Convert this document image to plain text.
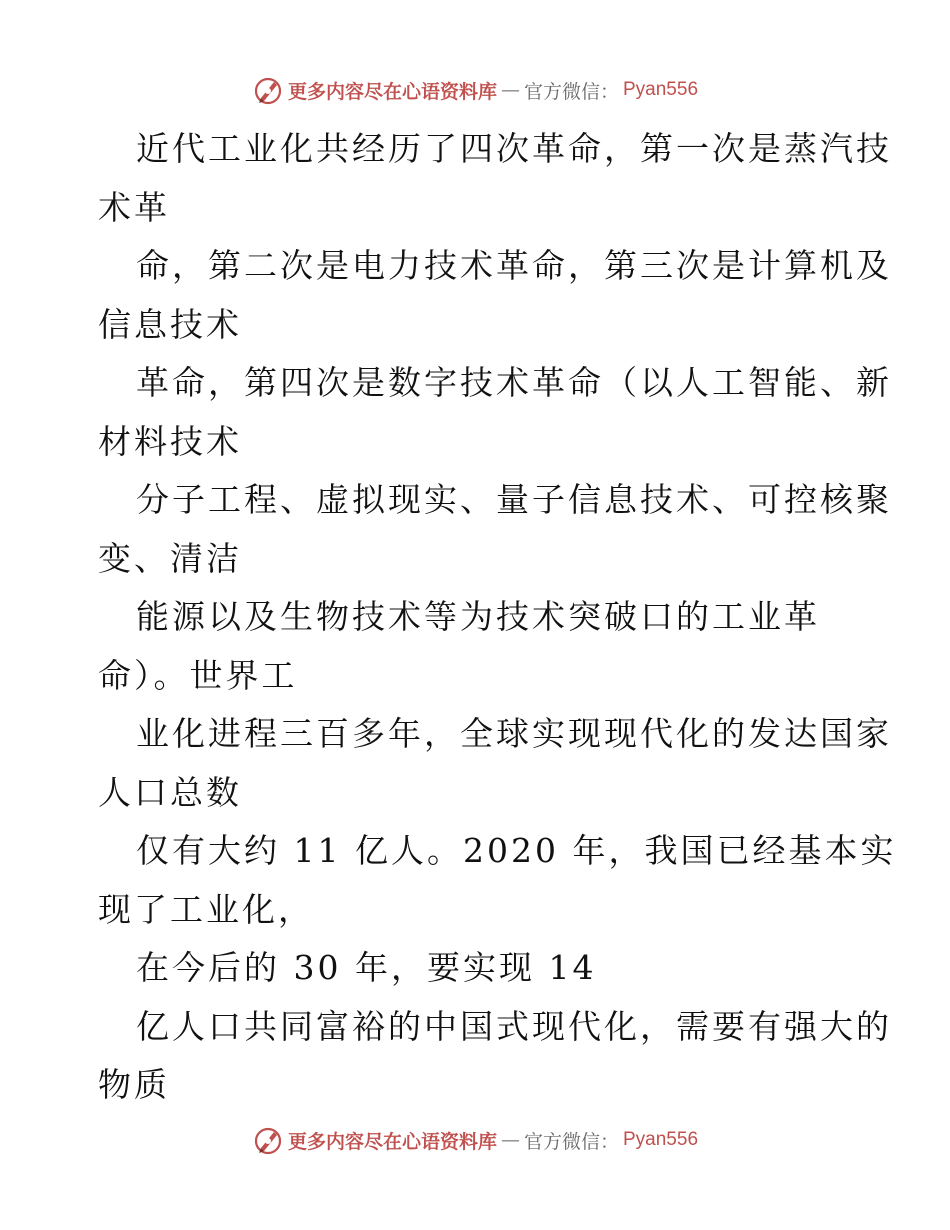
更多内容尽在心语资料库 — 官方微信： Pyan556
近代工业化共经历了四次革命，第一次是蒸汽技
术革
命，第二次是电力技术革命，第三次是计算机及
信息技术
革命，第四次是数字技术革命（以人工智能、新
材料技术
分子工程、虚拟现实、量子信息技术、可控核聚
变、清洁
能源以及生物技术等为技术突破口的工业革
命）。世界工
业化进程三百多年，全球实现现代化的发达国家
人口总数
仅有大约 11 亿人。2020 年，我国已经基本实
现了工业化，
在今后的 30 年，要实现 14
亿人口共同富裕的中国式现代化，需要有强大的
物质
更多内容尽在心语资料库 — 官方微信： Pyan556
